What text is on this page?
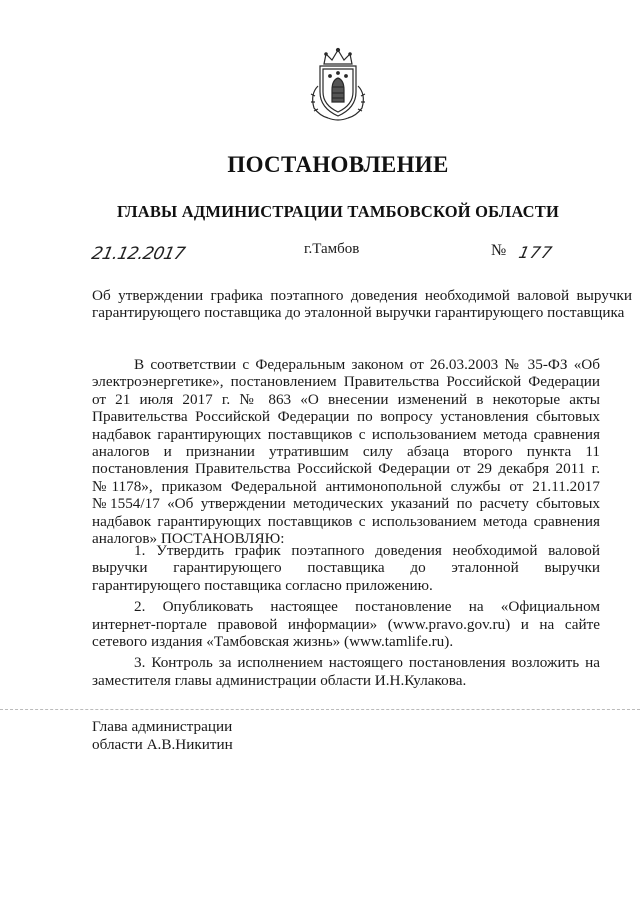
ПОСТАНОВЛЕНИЕ
ГЛАВЫ АДМИНИСТРАЦИИ ТАМБОВСКОЙ ОБЛАСТИ
21.12.2017	г.Тамбов	№ 177
Об утверждении графика поэтапного доведения необходимой валовой выручки гарантирующего поставщика до эталонной выручки гарантирующего поставщика

В соответствии с Федеральным законом от 26.03.2003 № 35-ФЗ «Об электроэнергетике», постановлением Правительства Российской Федерации от 21 июля 2017 г. № 863 «О внесении изменений в некоторые акты Правительства Российской Федерации по вопросу установления сбытовых надбавок гарантирующих поставщиков с использованием метода сравнения аналогов и признании утратившим силу абзаца второго пункта 11 постановления Правительства Российской Федерации от 29 декабря 2011 г. №1178», приказом Федеральной антимонопольной службы от 21.11.2017 №1554/17 «Об утверждении методических указаний по расчету сбытовых надбавок гарантирующих поставщиков с использованием метода сравнения аналогов» ПОСТАНОВЛЯЮ:

1. Утвердить график поэтапного доведения необходимой валовой выручки гарантирующего поставщика до эталонной выручки гарантирующего поставщика согласно приложению.

2. Опубликовать настоящее постановление на «Официальном интернет-портале правовой информации» (www.pravo.gov.ru) и на сайте сетевого издания «Тамбовская жизнь» (www.tamlife.ru).

3. Контроль за исполнением настоящего постановления возложить на заместителя главы администрации области И.Н.Кулакова.

Глава администрации
области А.В.Никитин
